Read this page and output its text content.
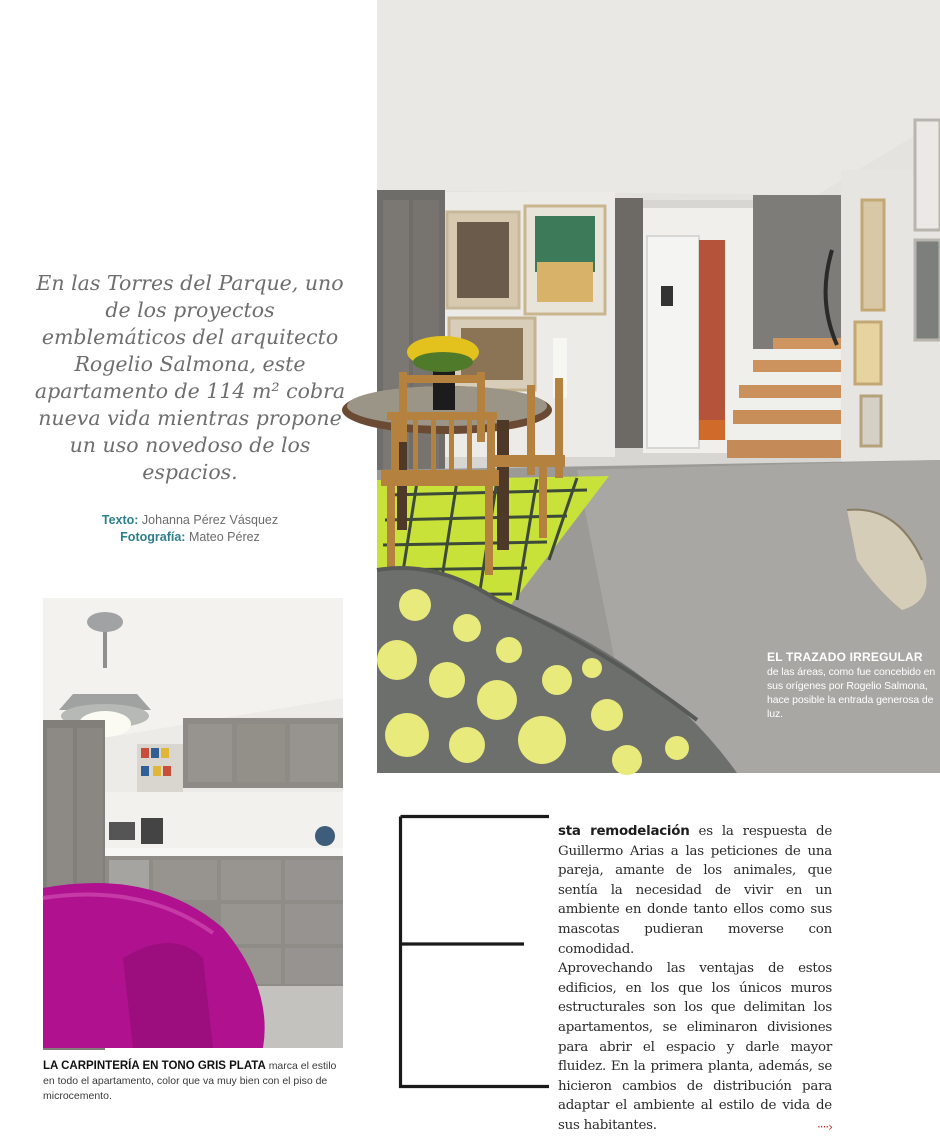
En las Torres del Parque, uno de los proyectos emblemáticos del arquitecto Rogelio Salmona, este apartamento de 114 m² cobra nueva vida mientras propone un uso novedoso de los espacios.
Texto: Johanna Pérez Vásquez
Fotografía: Mateo Pérez
EL TRAZADO IRREGULAR de las áreas, como fue concebido en sus orígenes por Rogelio Salmona, hace posible la entrada generosa de luz.
LA CARPINTERÍA EN TONO GRIS PLATA marca el estilo en todo el apartamento, color que va muy bien con el piso de microcemento.

sta remodelación es la respuesta de Guillermo Arias a las peticiones de una pareja, amante de los animales, que sentía la necesidad de vivir en un ambiente en donde tanto ellos como sus mascotas pudieran moverse con comodidad.

Aprovechando las ventajas de estos edificios, en los que los únicos muros estructurales son los que delimitan los apartamentos, se eliminaron divisiones para abrir el espacio y darle mayor fluidez. En la primera planta, además, se hicieron cambios de distribución para adaptar el ambiente al estilo de vida de sus habitantes.	····›
